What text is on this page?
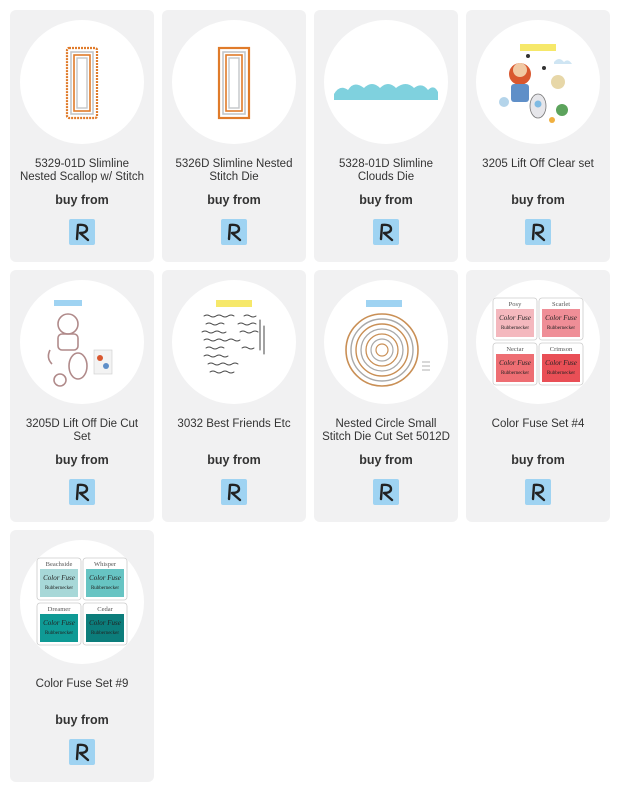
5329-01D Slimline Nested Scallop w/ Stitch
buy from
5326D Slimline Nested Stitch Die
buy from
5328-01D Slimline Clouds Die
buy from
3205 Lift Off Clear set
buy from
3205D Lift Off Die Cut Set
buy from
3032 Best Friends Etc
buy from
Nested Circle Small Stitch Die Cut Set 5012D
buy from
Posy
Color Fuse
Rubbernecker
Scarlet
Color Fuse
Rubbernecker
Nectar
Color Fuse
Rubbernecker
Crimson
Color Fuse
Rubbernecker
Color Fuse Set #4
buy from
Beachside
Color Fuse
Rubbernecker
Whisper
Color Fuse
Rubbernecker
Dreamer
Color Fuse
Rubbernecker
Cedar
Color Fuse
Rubbernecker
Color Fuse Set #9
buy from
